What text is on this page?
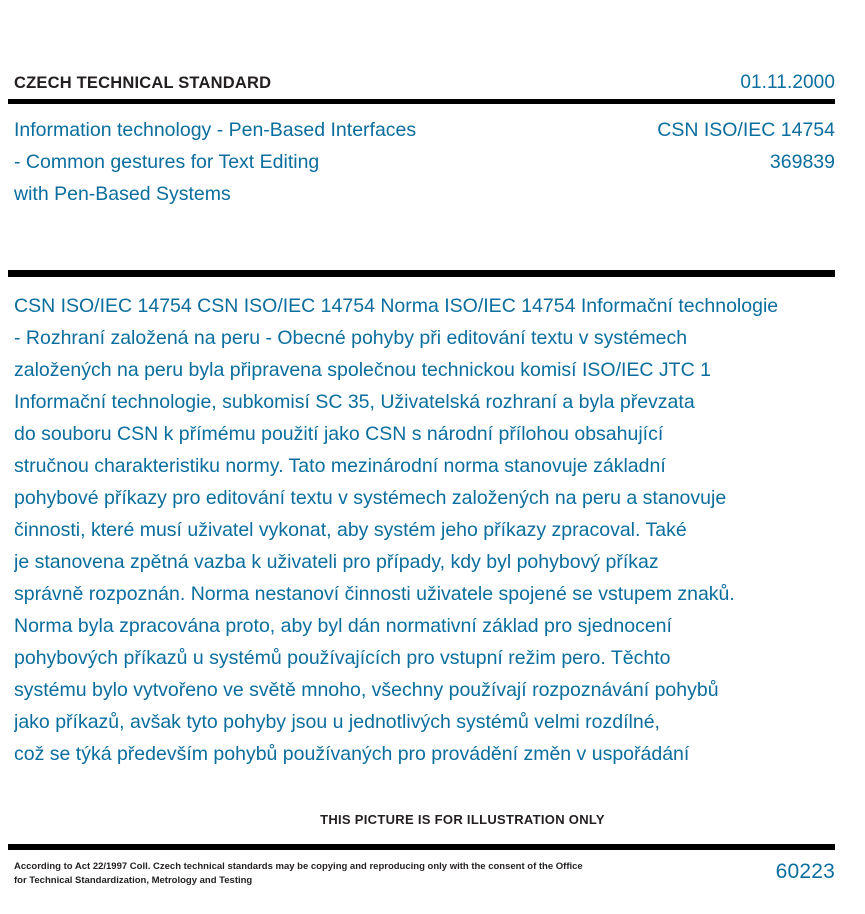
CZECH TECHNICAL STANDARD	01.11.2000
Information technology - Pen-Based Interfaces	CSN ISO/IEC 14754
- Common gestures for Text Editing	369839
with Pen-Based Systems
CSN ISO/IEC 14754 CSN ISO/IEC 14754 Norma ISO/IEC 14754 Informační technologie
- Rozhraní založená na peru - Obecné pohyby při editování textu v systémech
založených na peru byla připravena společnou technickou komisí ISO/IEC JTC 1
Informační technologie, subkomisí SC 35, Uživatelská rozhraní a byla převzata
do souboru CSN k přímému použití jako CSN s národní přílohou obsahující
stručnou charakteristiku normy. Tato mezinárodní norma stanovuje základní
pohybové příkazy pro editování textu v systémech založených na peru a stanovuje
činnosti, které musí uživatel vykonat, aby systém jeho příkazy zpracoval. Také
je stanovena zpětná vazba k uživateli pro případy, kdy byl pohybový příkaz
správně rozpoznán. Norma nestanoví činnosti uživatele spojené se vstupem znaků.
Norma byla zpracována proto, aby byl dán normativní základ pro sjednocení
pohybových příkazů u systémů používajících pro vstupní režim pero. Těchto
systému bylo vytvořeno ve světě mnoho, všechny používají rozpoznávání pohybů
jako příkazů, avšak tyto pohyby jsou u jednotlivých systémů velmi rozdílné,
což se týká především pohybů používaných pro provádění změn v uspořádání
THIS PICTURE IS FOR ILLUSTRATION ONLY
According to Act 22/1997 Coll. Czech technical standards may be copying and reproducing only with the consent of the Office
for Technical Standardization, Metrology and Testing	60223
